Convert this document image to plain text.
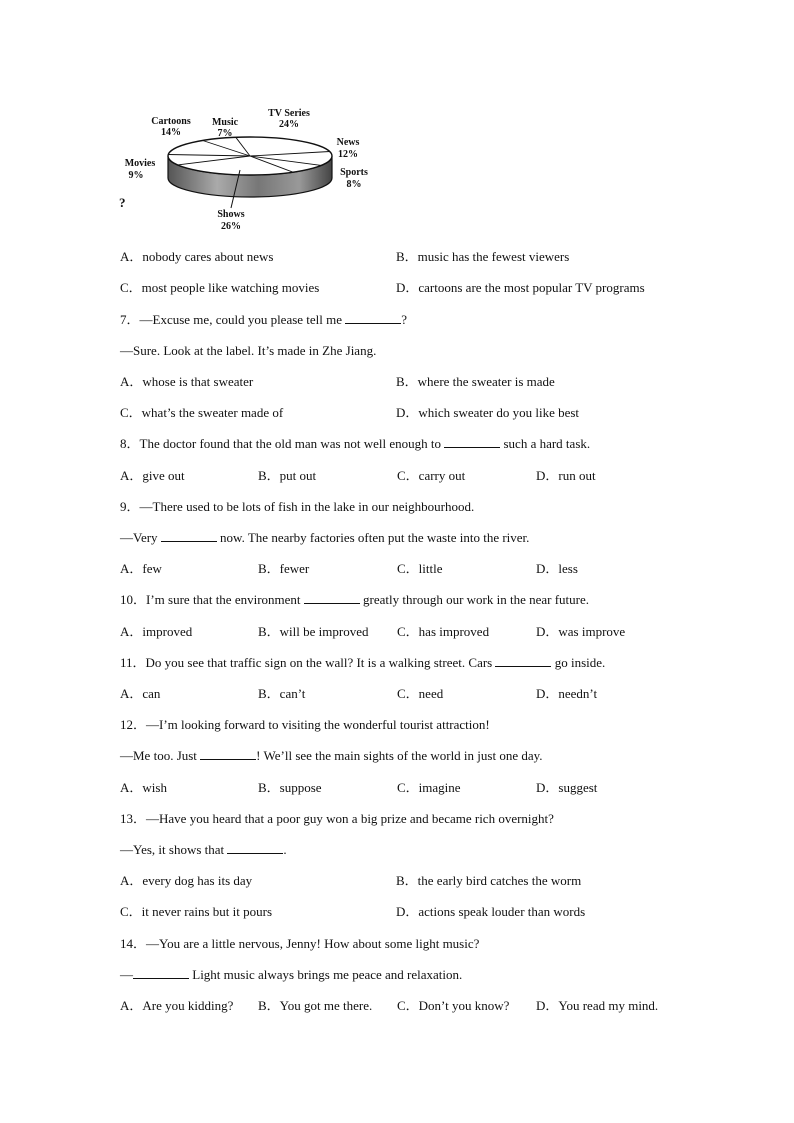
Cartoons
14%
Music
7%
TV Series
24%
News
12%
Movies
9%	Sports
8%
Shows
26%
?
A．nobody cares about news	B．music has the fewest viewers
C．most people like watching movies	D．cartoons are the most popular TV programs
7．—Excuse me, could you please tell me	?
—Sure. Look at the label. It’s made in Zhe Jiang.
A．whose is that sweater	B．where the sweater is made
C．what’s the sweater made of	D．which sweater do you like best
8．The doctor found that the old man was not well enough to	such a hard task.
A．give out	B．put out	C．carry out	D．run out
9．—There used to be lots of fish in the lake in our neighbourhood.
—Very	now. The nearby factories often put the waste into the river.
A．few	B．fewer	C．little	D．less
10．I’m sure that the environment	greatly through our work in the near future.
A．improved	B．will be improved C．has improved	D．was improve
11．Do you see that traffic sign on the wall? It is a walking street. Cars	go inside.
A．can	B．can’t	C．need	D．needn’t
12．—I’m looking forward to visiting the wonderful tourist attraction!
—Me too. Just	! We’ll see the main sights of the world in just one day.
A．wish	B．suppose	C．imagine	D．suggest
13．—Have you heard that a poor guy won a big prize and became rich overnight?
—Yes, it shows that	.
A．every dog has its day	B．the early bird catches the worm
C．it never rains but it pours	D．actions speak louder than words
14．—You are a little nervous, Jenny! How about some light music?
—	Light music always brings me peace and relaxation.
A．Are you kidding? B．You got me there. C．Don’t you know? D．You read my mind.
